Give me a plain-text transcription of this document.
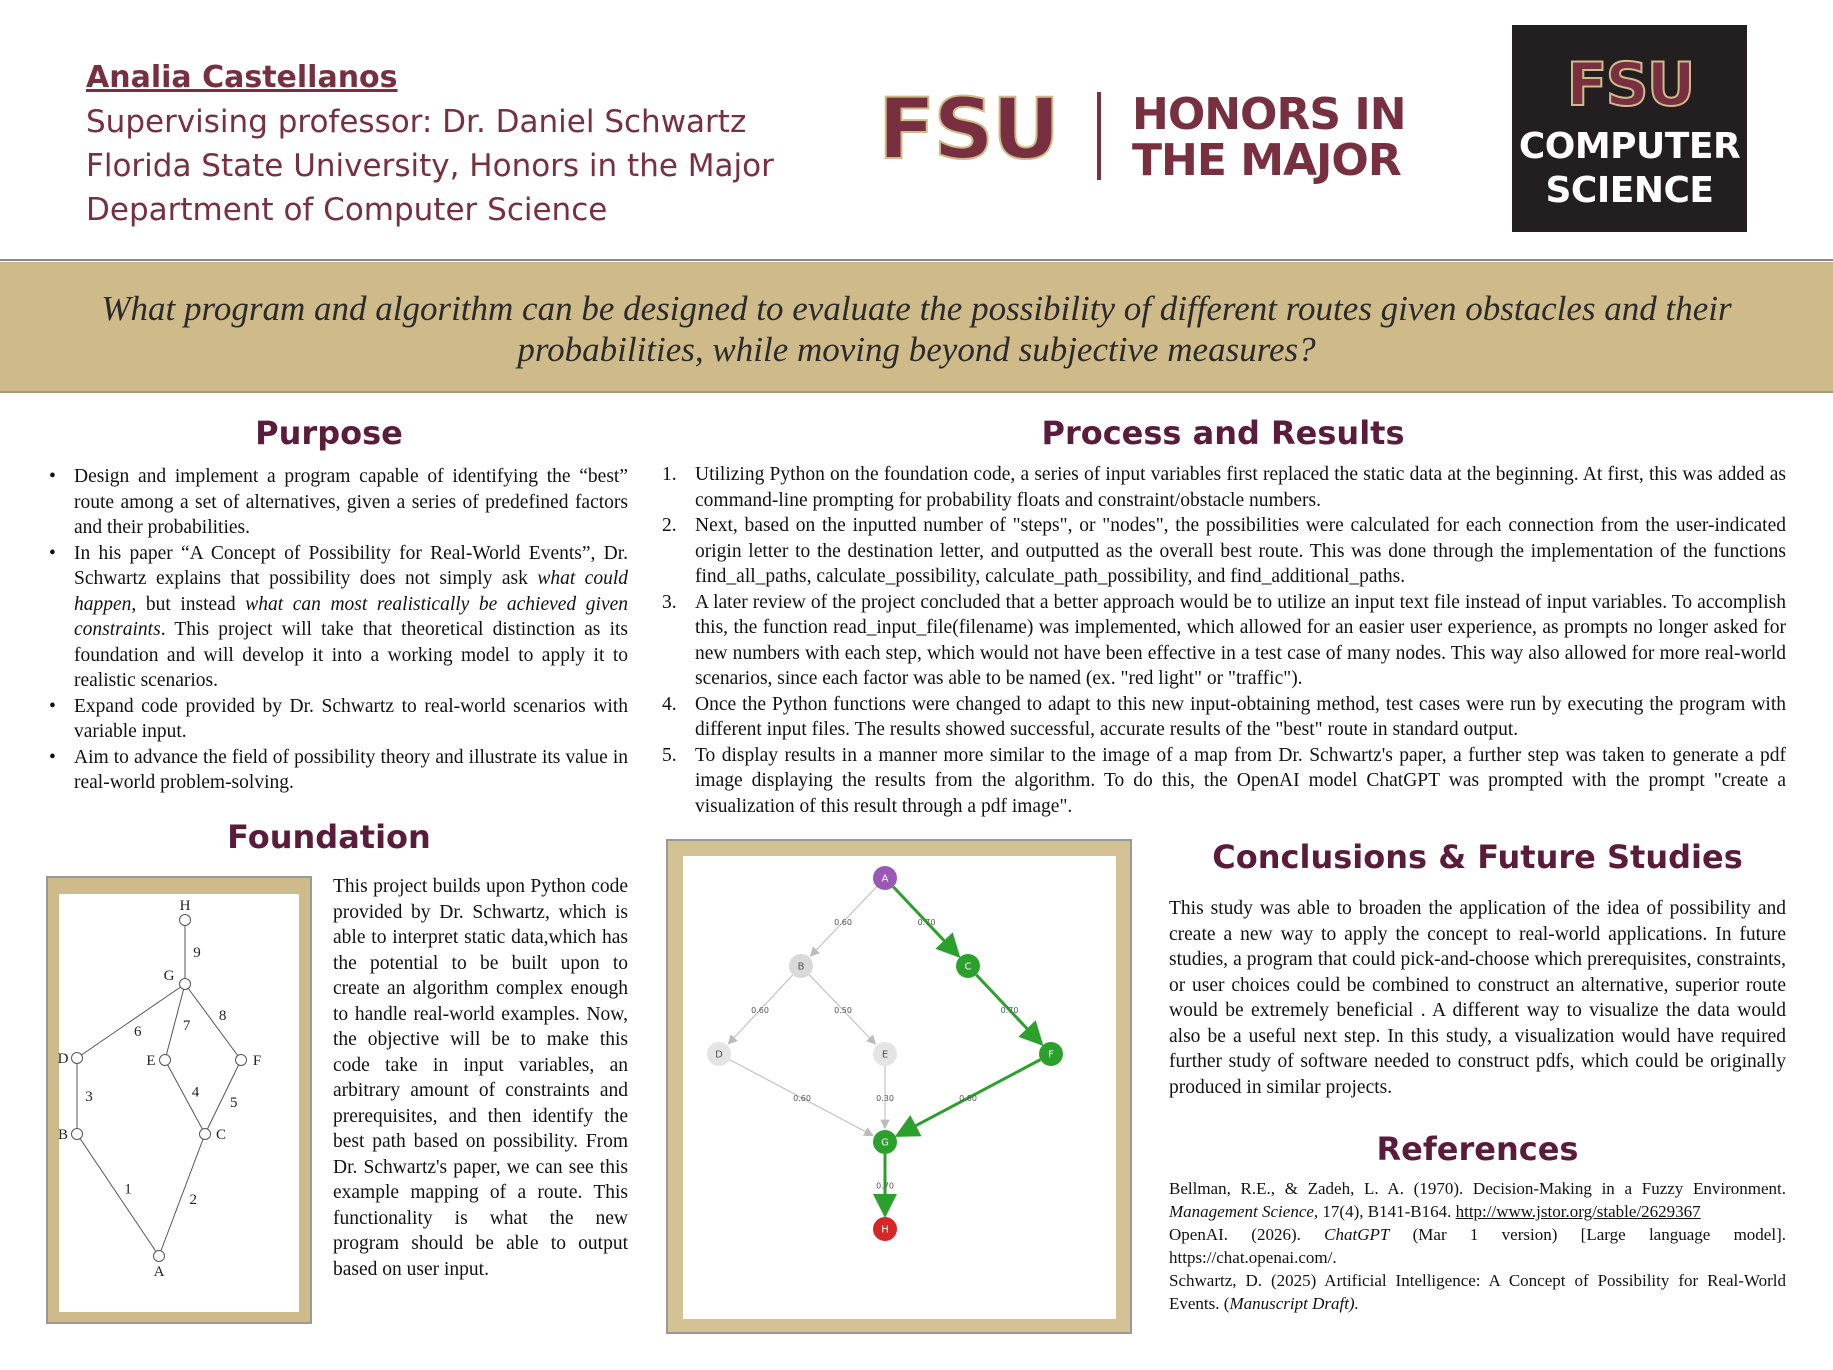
Analia Castellanos
Supervising professor: Dr. Daniel Schwartz
Florida State University, Honors in the Major
Department of Computer Science
FSU HONORS IN
THE MAJOR
FSU
COMPUTER
SCIENCE
What program and algorithm can be designed to evaluate the possibility of different routes given obstacles and their probabilities, while moving beyond subjective measures?
Purpose
• Design and implement a program capable of identifying the “best” route among a set of alternatives, given a series of predefined factors and their probabilities.
• In his paper “A Concept of Possibility for Real-World Events”, Dr. Schwartz explains that possibility does not simply ask what could happen, but instead what can most realistically be achieved given constraints. This project will take that theoretical distinction as its foundation and will develop it into a working model to apply it to realistic scenarios.
• Expand code provided by Dr. Schwartz to real-world scenarios with variable input.
• Aim to advance the field of possibility theory and illustrate its value in real-world problem-solving.
Foundation
9
6	7
8
3	4
5
1
2
H
G
D	E	F
B	C
A
This project builds upon Python code provided by Dr. Schwartz, which is able to interpret static data,which has the potential to be built upon to create an algorithm complex enough to handle real-world examples. Now, the objective will be to make this code take in input variables, an arbitrary amount of constraints and prerequisites, and then identify the best path based on possibility. From Dr. Schwartz's paper, we can see this example mapping of a route. This functionality is what the new program should be able to output based on user input.
Process and Results
1. Utilizing Python on the foundation code, a series of input variables first replaced the static data at the beginning. At first, this was added as command-line prompting for probability floats and constraint/obstacle numbers.
2. Next, based on the inputted number of "steps", or "nodes", the possibilities were calculated for each connection from the user-indicated origin letter to the destination letter, and outputted as the overall best route. This was done through the implementation of the functions find_all_paths, calculate_possibility, calculate_path_possibility, and find_additional_paths.
3. A later review of the project concluded that a better approach would be to utilize an input text file instead of input variables. To accomplish this, the function read_input_file(filename) was implemented, which allowed for an easier user experience, as prompts no longer asked for new numbers with each step, which would not have been effective in a test case of many nodes. This way also allowed for more real-world scenarios, since each factor was able to be named (ex. "red light" or "traffic").
4. Once the Python functions were changed to adapt to this new input-obtaining method, test cases were run by executing the program with different input files. The results showed successful, accurate results of the "best" route in standard output.
5. To display results in a manner more similar to the image of a map from Dr. Schwartz's paper, a further step was taken to generate a pdf image displaying the results from the algorithm. To do this, the OpenAI model ChatGPT was prompted with the prompt "create a visualization of this result through a pdf image".
0.60	0.70
0.60	0.50	0.70
0.60	0.30	0.80
0.70
A
B	C
D	E	F
G
H
Conclusions & Future Studies
This study was able to broaden the application of the idea of possibility and create a new way to apply the concept to real-world applications. In future studies, a program that could pick-and-choose which prerequisites, constraints, or user choices could be combined to construct an alternative, superior route would be extremely beneficial . A different way to visualize the data would also be a useful next step. In this study, a visualization would have required further study of software needed to construct pdfs, which could be originally produced in similar projects.
References

Bellman, R.E., & Zadeh, L. A. (1970). Decision-Making in a Fuzzy Environment. Management Science, 17(4), B141-B164. http://www.jstor.org/stable/2629367

OpenAI. (2026). ChatGPT (Mar 1 version) [Large language model]. https://chat.openai.com/.

Schwartz, D. (2025) Artificial Intelligence: A Concept of Possibility for Real-World Events. (Manuscript Draft).
